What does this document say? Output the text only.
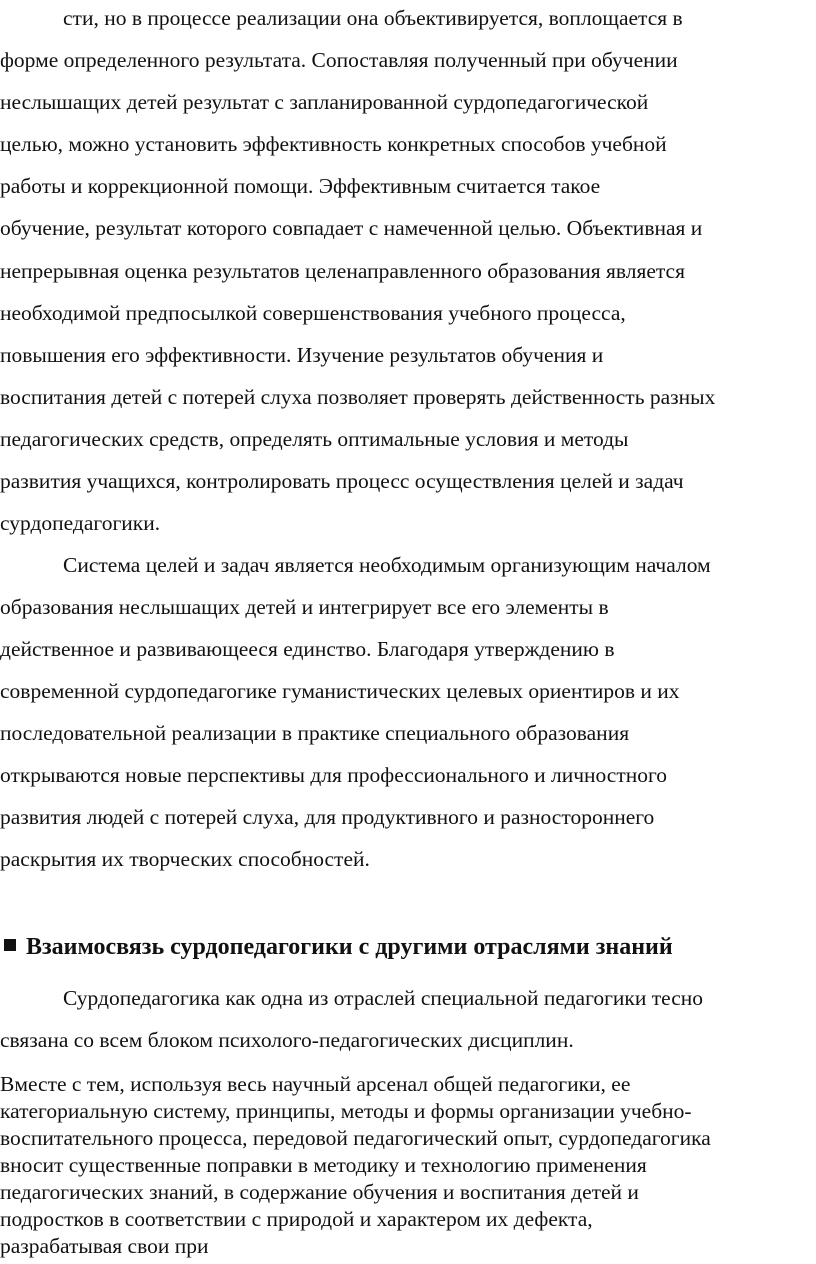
сти, но в процессе реализации она объективируется, воплощается в
форме определенного результата. Сопоставляя полученный при обучении
неслышащих детей результат с запланированной сурдопедагогической
целью, можно установить эффективность конкретных способов учебной
работы и коррекционной помощи. Эффективным считается такое
обучение, результат которого совпадает с намеченной целью. Объективная и
непрерывная оценка результатов целенаправленного образования является
необходимой предпосылкой совершенствования учебного процесса,
повышения его эффективности. Изучение результатов обучения и
воспитания детей с потерей слуха позволяет проверять действенность разных
педагогических средств, определять оптимальные условия и методы
развития учащихся, контролировать процесс осуществления целей и задач
сурдопедагогики.
Система целей и задач является необходимым организующим началом
образования неслышащих детей и интегрирует все его элементы в
действенное и развивающееся единство. Благодаря утверждению в
современной сурдопедагогике гуманистических целевых ориентиров и их
последовательной реализации в практике специального образования
открываются новые перспективы для профессионального и личностного
развития людей с потерей слуха, для продуктивного и разностороннего
раскрытия их творческих способностей.
Взаимосвязь сурдопедагогики с другими отраслями знаний
Сурдопедагогика как одна из отраслей специальной педагогики тесно
связана со всем блоком психолого-педагогических дисциплин.
Вместе с тем, используя весь научный арсенал общей педагогики, ее
категориальную систему, принципы, методы и формы организации учебно-
воспитательного процесса, передовой педагогический опыт, сурдопедагогика
вносит существенные поправки в методику и технологию применения
педагогических знаний, в содержание обучения и воспитания детей и
подростков в соответствии с природой и характером их дефекта,
разрабатывая свои при
